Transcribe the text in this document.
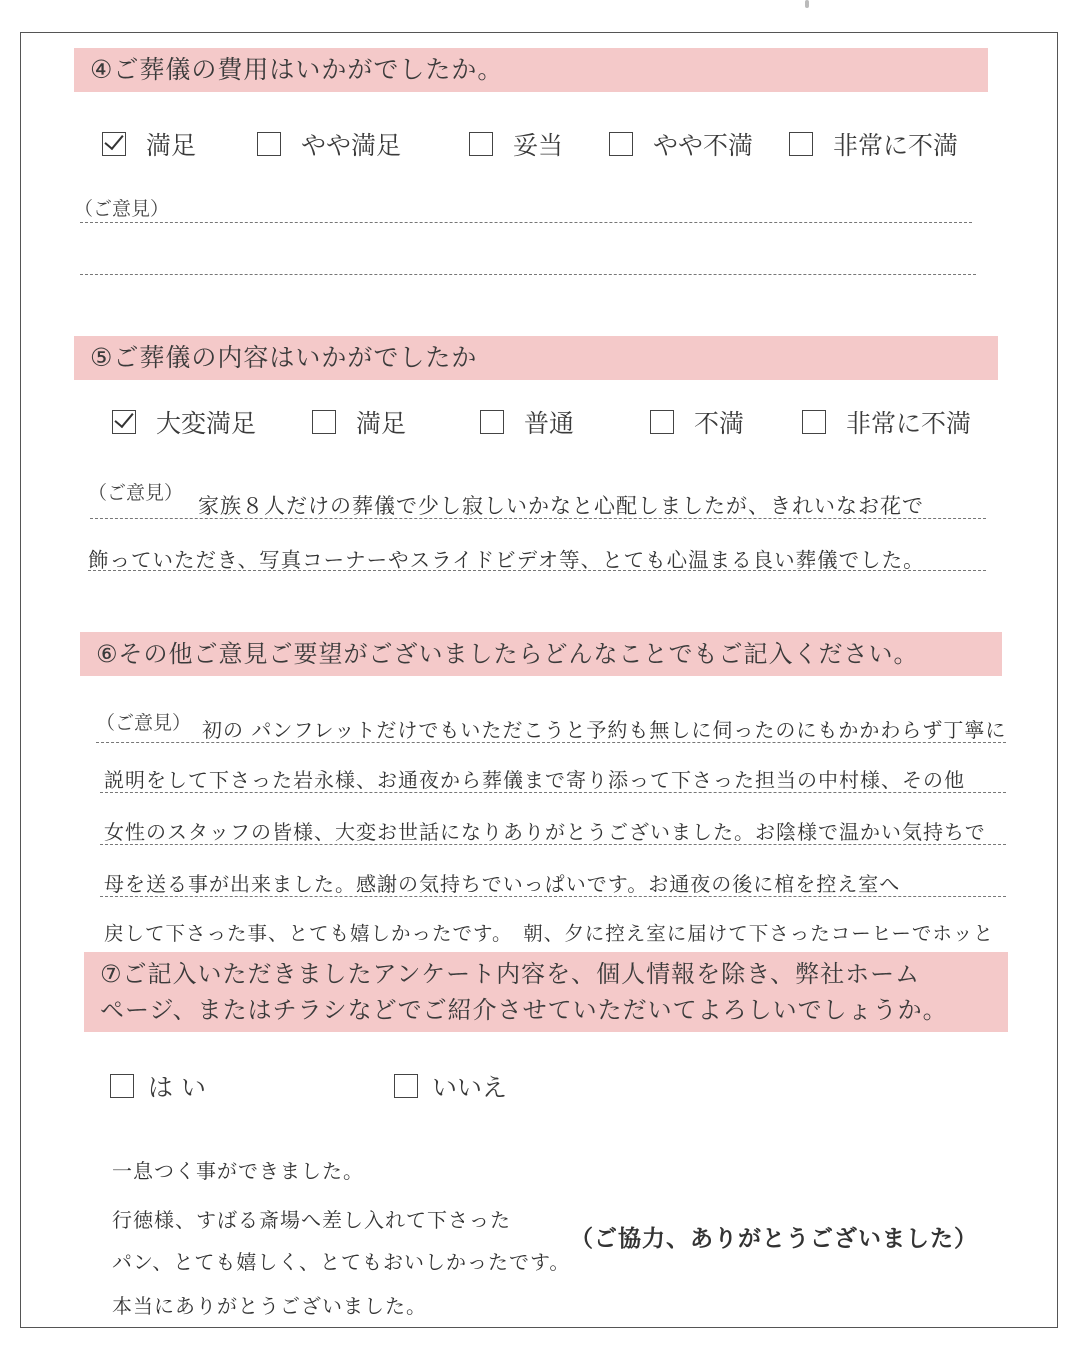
④ご葬儀の費用はいかがでしたか。
満足	やや満足	妥当	やや不満	非常に不満
（ご意見）
⑤ご葬儀の内容はいかがでしたか
大変満足	満足	普通	不満	非常に不満
（ご意見）
家族８人だけの葬儀で少し寂しいかなと心配しましたが、きれいなお花で
飾っていただき、写真コーナーやスライドビデオ等、とても心温まる良い葬儀でした。
⑥その他ご意見ご要望がございましたらどんなことでもご記入ください。
（ご意見） 初の パンフレットだけでもいただこうと予約も無しに伺ったのにもかかわらず丁寧に
説明をして下さった岩永様、お通夜から葬儀まで寄り添って下さった担当の中村様、その他
女性のスタッフの皆様、大変お世話になりありがとうございました。お陰様で温かい気持ちで
母を送る事が出来ました。感謝の気持ちでいっぱいです。お通夜の後に棺を控え室へ
戻して下さった事、とても嬉しかったです。　朝、夕に控え室に届けて下さったコーヒーでホッと
⑦ご記入いただきましたアンケート内容を、個人情報を除き、弊社ホーム
ページ、またはチラシなどでご紹介させていただいてよろしいでしょうか。
は い	いいえ
一息つく事ができました。
行徳様、すばる斎場へ差し入れて下さった
パン、とても嬉しく、とてもおいしかったです。
本当にありがとうございました。
（ご協力、ありがとうございました）
